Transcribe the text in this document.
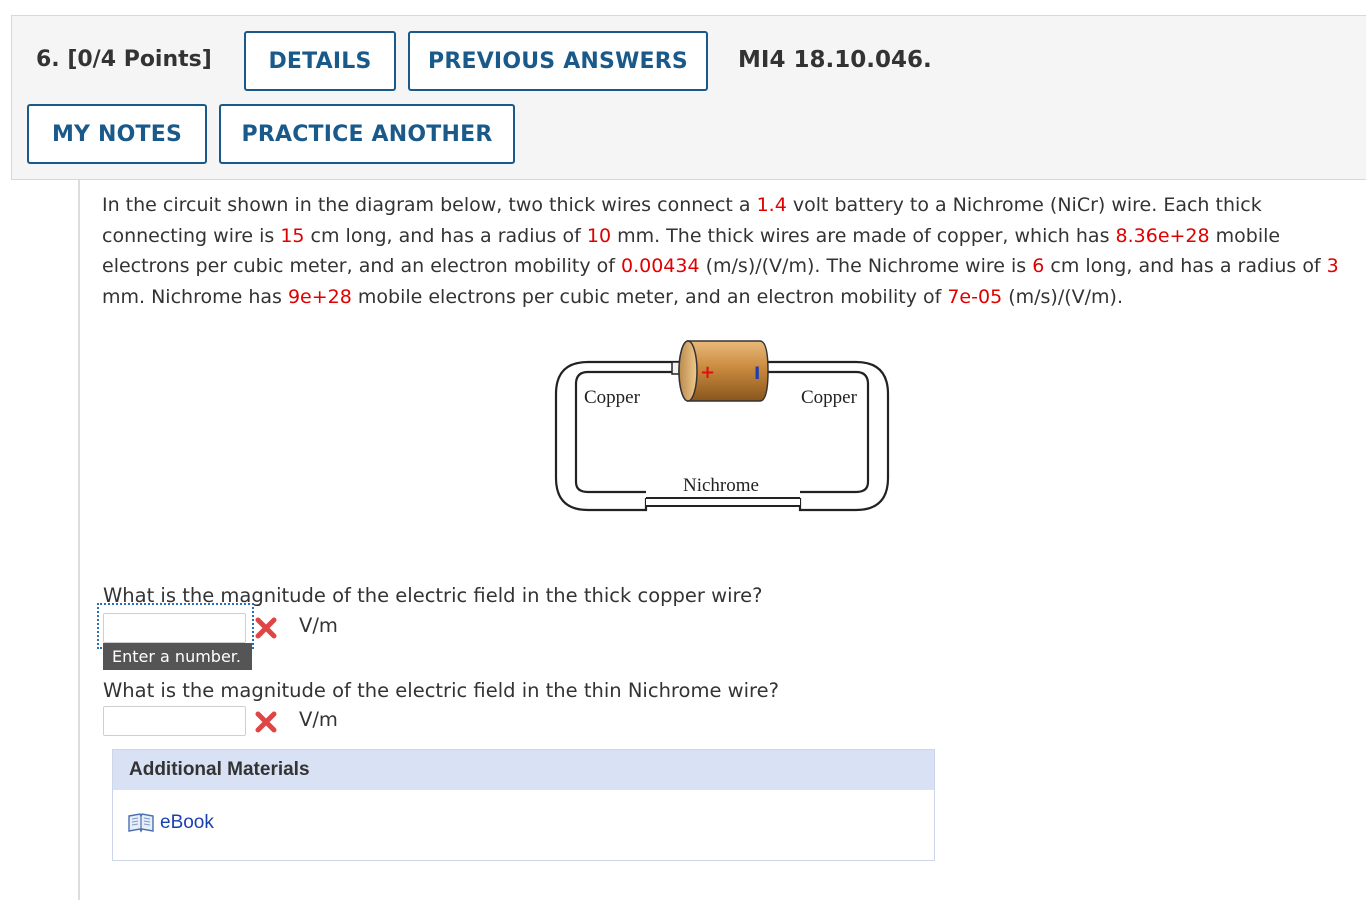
6. [0/4 Points]	DETAILS	PREVIOUS ANSWERS	MI4 18.10.046.
MY NOTES	PRACTICE ANOTHER
In the circuit shown in the diagram below, two thick wires connect a 1.4 volt battery to a Nichrome (NiCr) wire. Each thick connecting wire is 15 cm long, and has a radius of 10 mm. The thick wires are made of copper, which has 8.36e+28 mobile electrons per cubic meter, and an electron mobility of 0.00434 (m/s)/(V/m). The Nichrome wire is 6 cm long, and has a radius of 3 mm. Nichrome has 9e+28 mobile electrons per cubic meter, and an electron mobility of 7e-05 (m/s)/(V/m).
+ I
Copper	Copper
Nichrome
What is the magnitude of the electric field in the thick copper wire?
Enter a number.
V/m
What is the magnitude of the electric field in the thin Nichrome wire?
V/m
Additional Materials
eBook
